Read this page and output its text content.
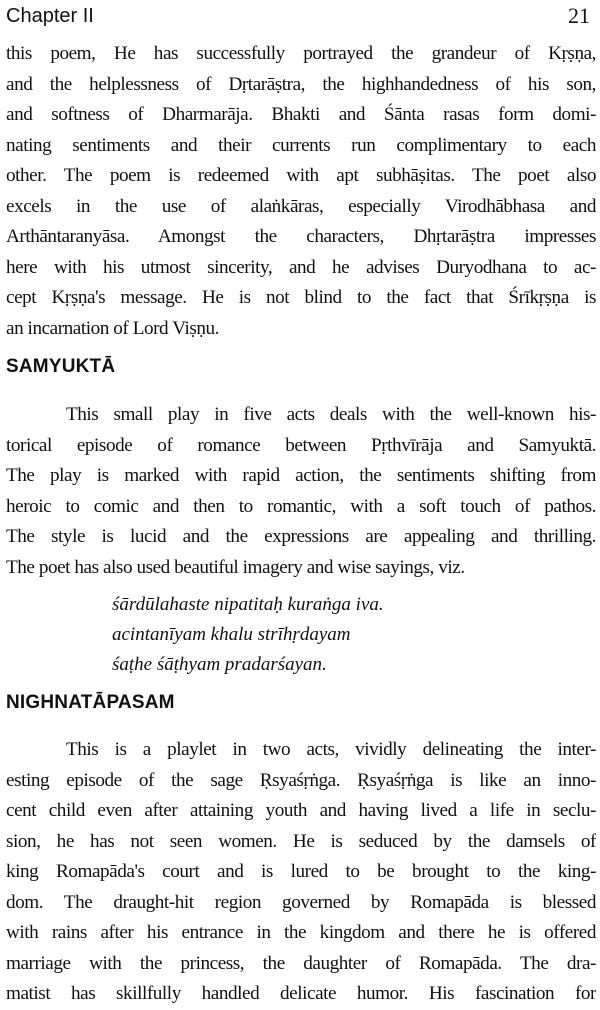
Chapter II	21
this poem, He has successfully portrayed the grandeur of Kṛṣṇa,
and the helplessness of Dṛtarāṣtra, the highhandedness of his son,
and softness of Dharmarāja. Bhakti and Śānta rasas form domi-
nating sentiments and their currents run complimentary to each
other. The poem is redeemed with apt subhāṣitas. The poet also
excels in the use of alaṅkāras, especially Virodhābhasa and
Arthāntaranyāsa. Amongst the characters, Dhṛtarāṣtra impresses
here with his utmost sincerity, and he advises Duryodhana to ac-
cept Kṛṣṇa's message. He is not blind to the fact that Śrīkṛṣṇa is
an incarnation of Lord Viṣṇu.
SAMYUKTĀ
This small play in five acts deals with the well-known his-
torical episode of romance between Pṛthvīrāja and Samyuktā.
The play is marked with rapid action, the sentiments shifting from
heroic to comic and then to romantic, with a soft touch of pathos.
The style is lucid and the expressions are appealing and thrilling.
The poet has also used beautiful imagery and wise sayings, viz.
śārdūlahaste nipatitaḥ kuraṅga iva.
acintanīyam khalu strīhṛdayam
śaṭhe śāṭhyam pradarśayan.
NIGHNATĀPASAM
This is a playlet in two acts, vividly delineating the inter-
esting episode of the sage Ṛsyaśṛṅga. Ṛsyaśṛṅga is like an inno-
cent child even after attaining youth and having lived a life in seclu-
sion, he has not seen women. He is seduced by the damsels of
king Romapāda's court and is lured to be brought to the king-
dom. The draught-hit region governed by Romapāda is blessed
with rains after his entrance in the kingdom and there he is offered
marriage with the princess, the daughter of Romapāda. The dra-
matist has skillfully handled delicate humor. His fascination for
